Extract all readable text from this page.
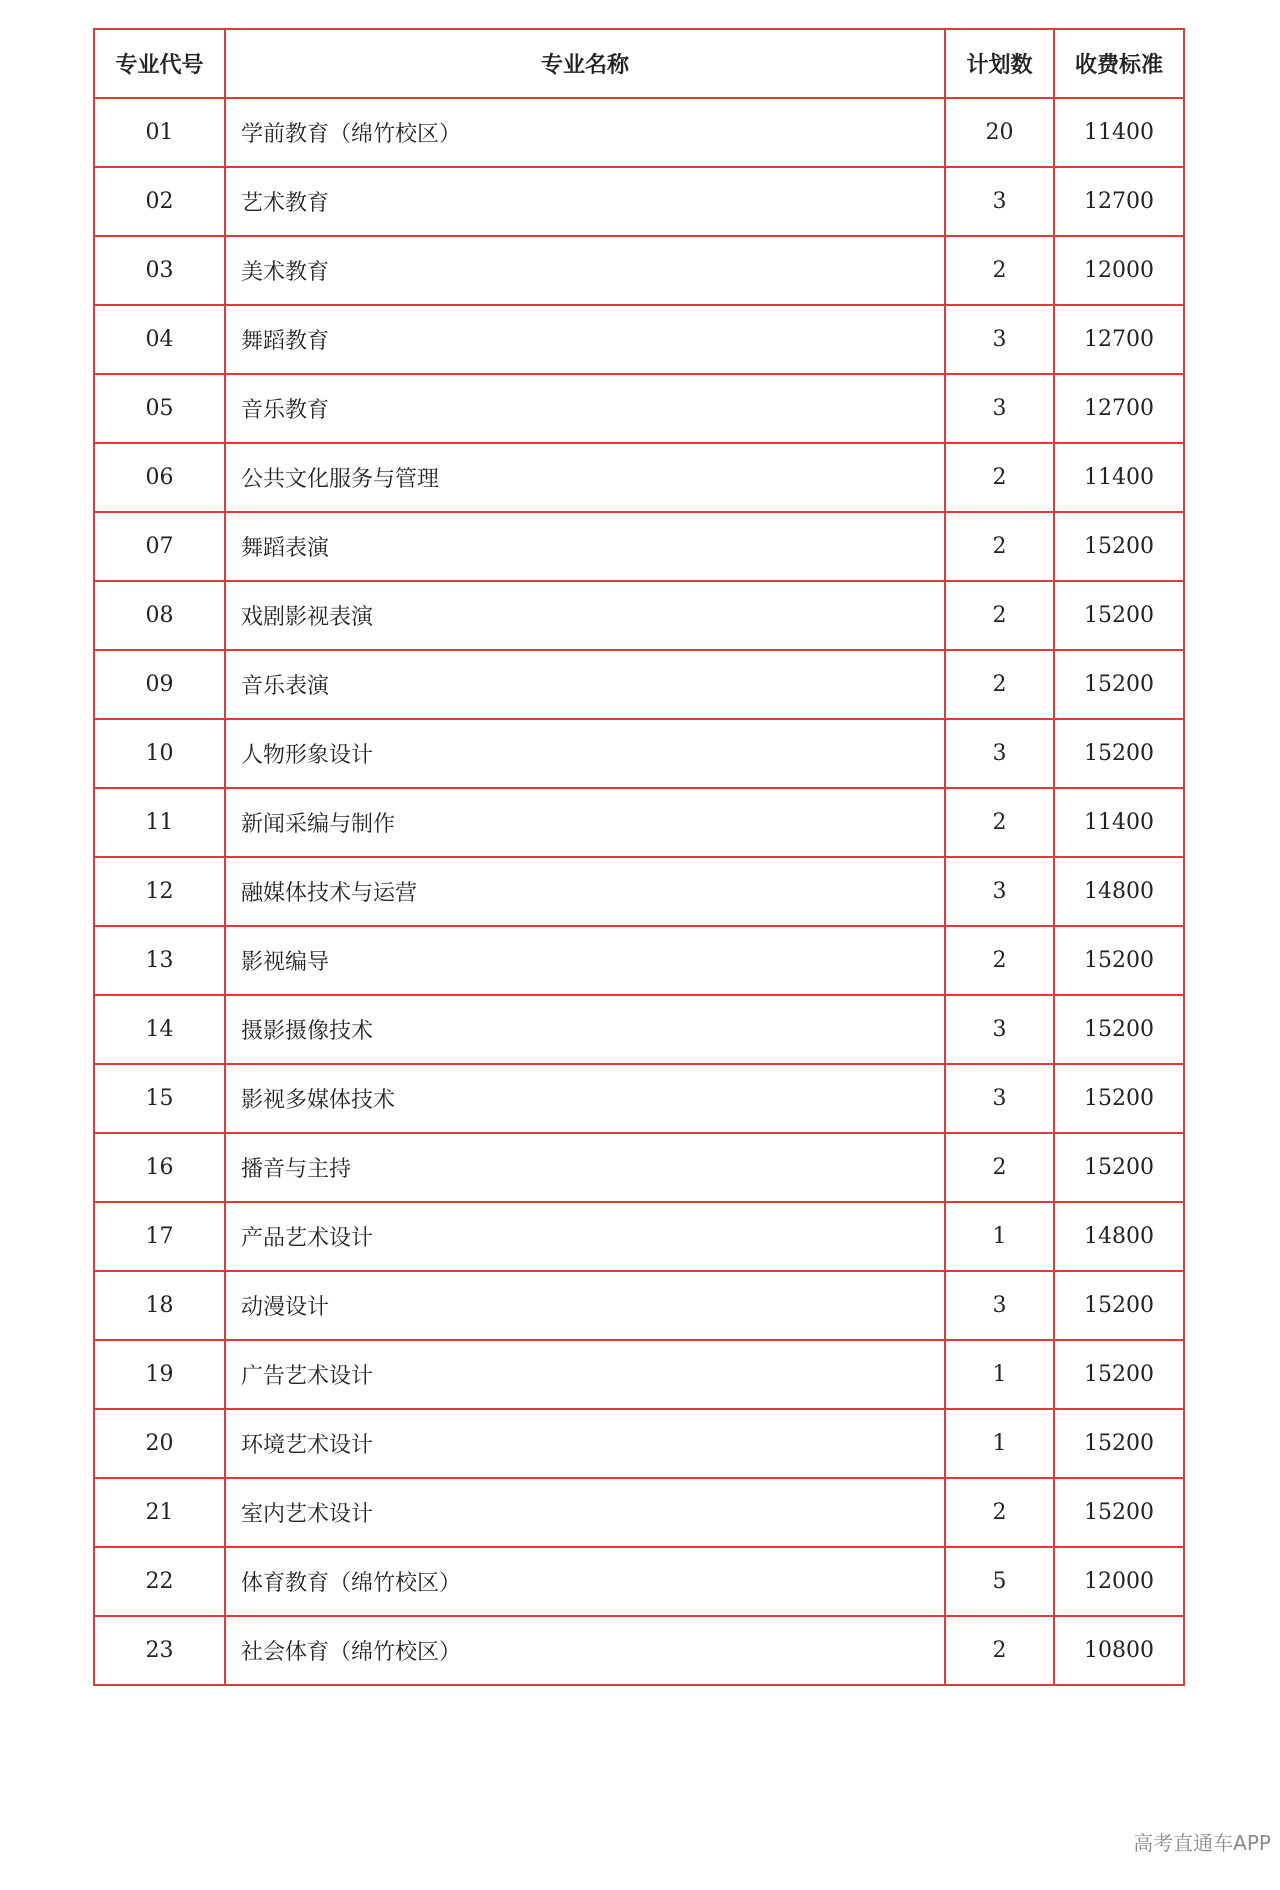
专业代号	专业名称	计划数	收费标准
01	学前教育（绵竹校区）	20	11400
02	艺术教育	3	12700
03	美术教育	2	12000
04	舞蹈教育	3	12700
05	音乐教育	3	12700
06	公共文化服务与管理	2	11400
07	舞蹈表演	2	15200
08	戏剧影视表演	2	15200
09	音乐表演	2	15200
10	人物形象设计	3	15200
11	新闻采编与制作	2	11400
12	融媒体技术与运营	3	14800
13	影视编导	2	15200
14	摄影摄像技术	3	15200
15	影视多媒体技术	3	15200
16	播音与主持	2	15200
17	产品艺术设计	1	14800
18	动漫设计	3	15200
19	广告艺术设计	1	15200
20	环境艺术设计	1	15200
21	室内艺术设计	2	15200
22	体育教育（绵竹校区）	5	12000
23	社会体育（绵竹校区）	2	10800
高考直通车APP
